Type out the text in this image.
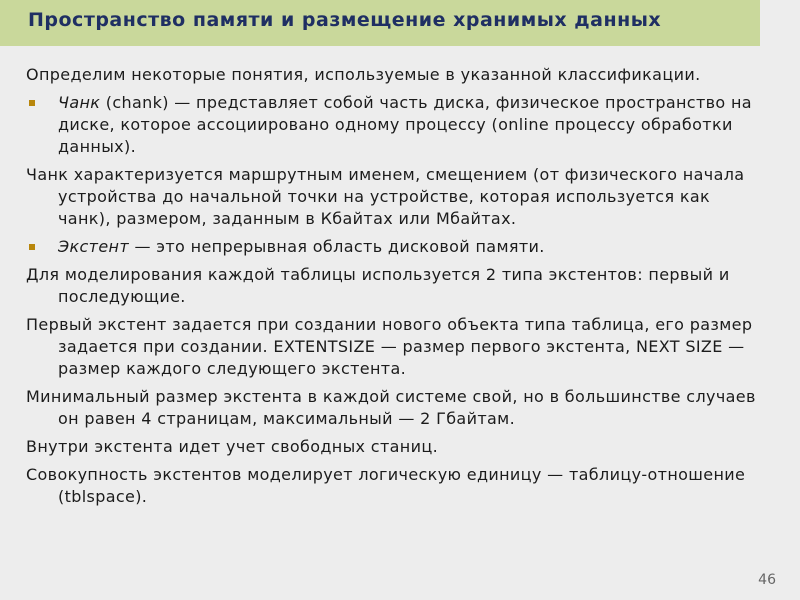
Пространство памяти и размещение хранимых данных

Определим некоторые понятия, используемые в указанной классификации.

Чанк (chank) — представляет собой часть диска, физическое пространство на диске, которое ассоциировано одному процессу (online процессу обработки данных).

Чанк характеризуется маршрутным именем, смещением (от физического начала устройства до начальной точки на устройстве, которая используется как чанк), размером, заданным в Кбайтах или Мбайтах.

Экстент — это непрерывная область дисковой памяти.

Для моделирования каждой таблицы используется 2 типа экстентов: первый и последующие.

Первый экстент задается при создании нового объекта типа таблица, его размер задается при создании. EXTENTSIZE — размер первого экстента, NEXT SIZE — размер каждого следующего экстента.

Минимальный размер экстента в каждой системе свой, но в большинстве случаев он равен 4 страницам, максимальный — 2 Гбайтам.

Внутри экстента идет учет свободных станиц.

Совокупность экстентов моделирует логическую единицу — таблицу-отношение (tblspace).

46
